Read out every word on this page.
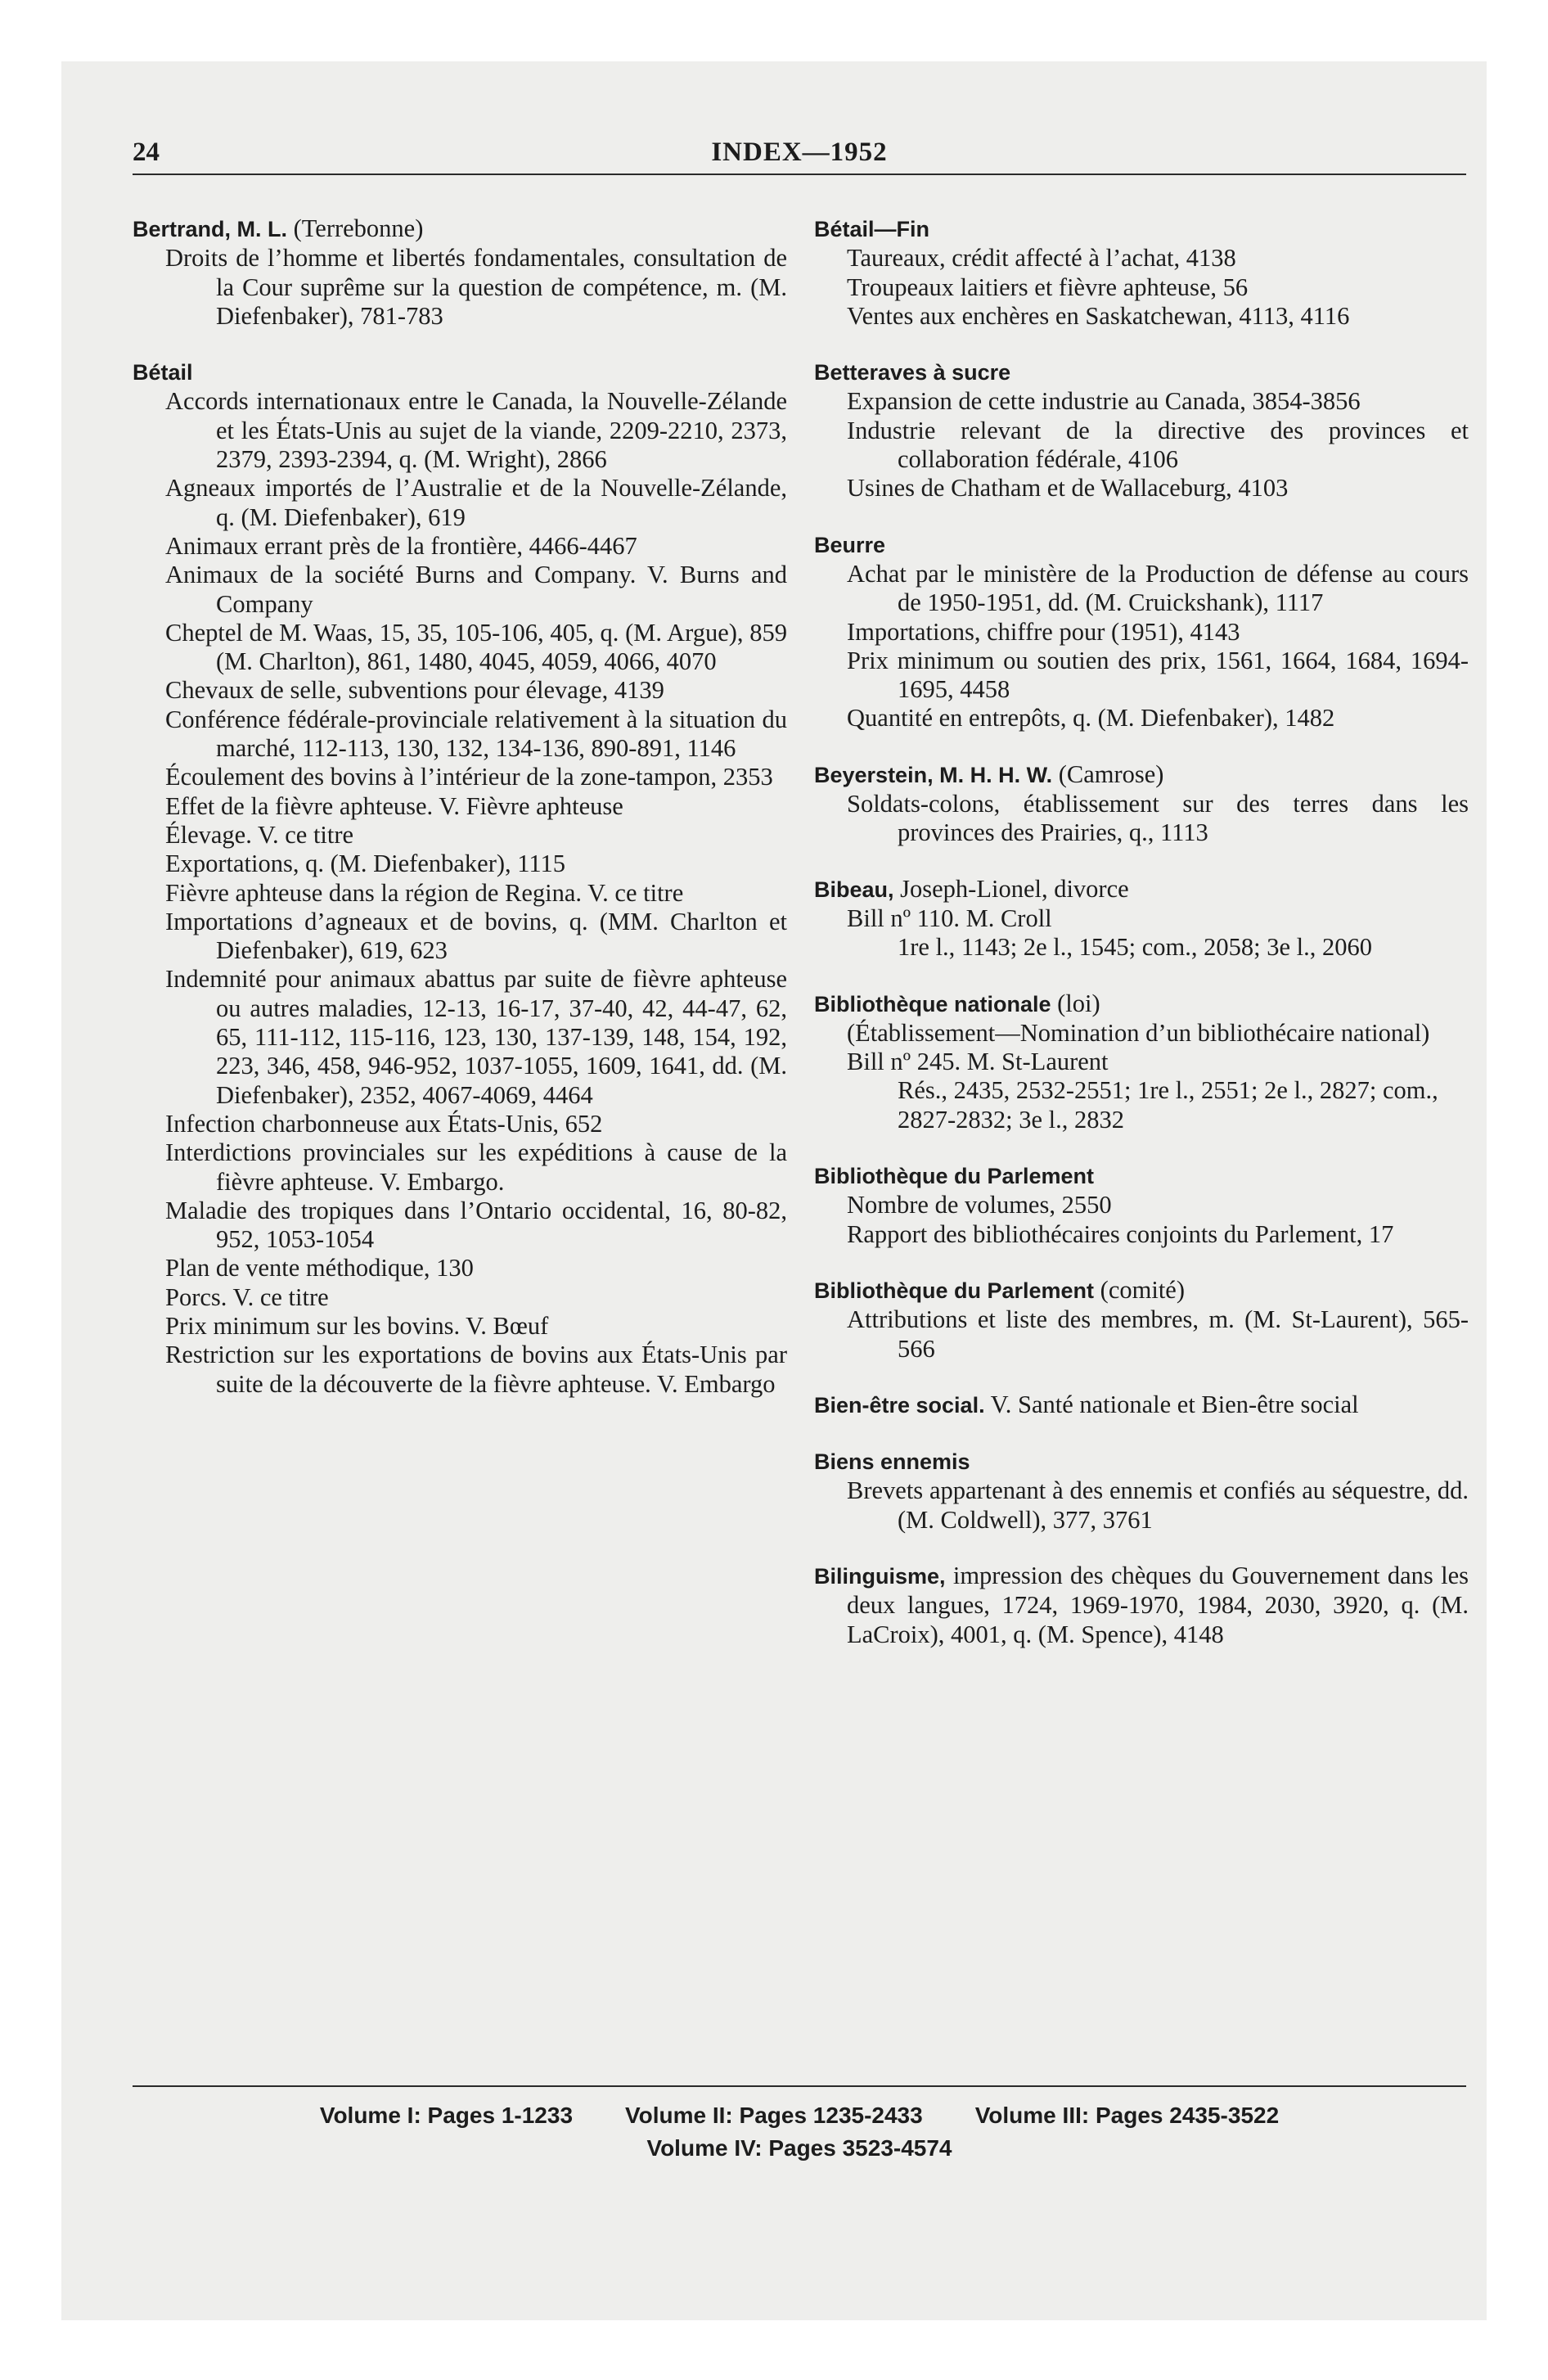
INDEX—1952
24
Bertrand, M. L. (Terrebonne)

Droits de l’homme et libertés fondamentales, consultation de la Cour suprême sur la question de compétence, m. (M. Diefenbaker), 781-783

Bétail

Accords internationaux entre le Canada, la Nouvelle-Zélande et les États-Unis au sujet de la viande, 2209-2210, 2373, 2379, 2393-2394, q. (M. Wright), 2866

Agneaux importés de l’Australie et de la Nouvelle-Zélande, q. (M. Diefenbaker), 619

Animaux errant près de la frontière, 4466-4467

Animaux de la société Burns and Company. V. Burns and Company

Cheptel de M. Waas, 15, 35, 105-106, 405, q. (M. Argue), 859 (M. Charlton), 861, 1480, 4045, 4059, 4066, 4070

Chevaux de selle, subventions pour élevage, 4139

Conférence fédérale-provinciale relativement à la situation du marché, 112-113, 130, 132, 134-136, 890-891, 1146

Écoulement des bovins à l’intérieur de la zone-tampon, 2353

Effet de la fièvre aphteuse. V. Fièvre aphteuse

Élevage. V. ce titre

Exportations, q. (M. Diefenbaker), 1115

Fièvre aphteuse dans la région de Regina. V. ce titre

Importations d’agneaux et de bovins, q. (MM. Charlton et Diefenbaker), 619, 623

Indemnité pour animaux abattus par suite de fièvre aphteuse ou autres maladies, 12-13, 16-17, 37-40, 42, 44-47, 62, 65, 111-112, 115-116, 123, 130, 137-139, 148, 154, 192, 223, 346, 458, 946-952, 1037-1055, 1609, 1641, dd. (M. Diefenbaker), 2352, 4067-4069, 4464

Infection charbonneuse aux États-Unis, 652

Interdictions provinciales sur les expéditions à cause de la fièvre aphteuse. V. Embargo.

Maladie des tropiques dans l’Ontario occidental, 16, 80-82, 952, 1053-1054

Plan de vente méthodique, 130

Porcs. V. ce titre

Prix minimum sur les bovins. V. Bœuf

Restriction sur les exportations de bovins aux États-Unis par suite de la découverte de la fièvre aphteuse. V. Embargo

Bétail—Fin

Taureaux, crédit affecté à l’achat, 4138

Troupeaux laitiers et fièvre aphteuse, 56

Ventes aux enchères en Saskatchewan, 4113, 4116

Betteraves à sucre

Expansion de cette industrie au Canada, 3854-3856

Industrie relevant de la directive des provinces et collaboration fédérale, 4106

Usines de Chatham et de Wallaceburg, 4103

Beurre

Achat par le ministère de la Production de défense au cours de 1950-1951, dd. (M. Cruickshank), 1117

Importations, chiffre pour (1951), 4143

Prix minimum ou soutien des prix, 1561, 1664, 1684, 1694-1695, 4458

Quantité en entrepôts, q. (M. Diefenbaker), 1482

Beyerstein, M. H. H. W. (Camrose)

Soldats-colons, établissement sur des terres dans les provinces des Prairies, q., 1113

Bibeau, Joseph-Lionel, divorce

Bill nº 110. M. Croll

1re l., 1143; 2e l., 1545; com., 2058; 3e l., 2060

Bibliothèque nationale (loi)

(Établissement—Nomination d’un bibliothécaire national)

Bill nº 245. M. St-Laurent

Rés., 2435, 2532-2551; 1re l., 2551; 2e l., 2827; com., 2827-2832; 3e l., 2832

Bibliothèque du Parlement

Nombre de volumes, 2550

Rapport des bibliothécaires conjoints du Parlement, 17

Bibliothèque du Parlement (comité)

Attributions et liste des membres, m. (M. St-Laurent), 565-566

Bien-être social. V. Santé nationale et Bien-être social
Biens ennemis

Brevets appartenant à des ennemis et confiés au séquestre, dd. (M. Coldwell), 377, 3761

Bilinguisme, impression des chèques du Gouvernement dans les deux langues, 1724, 1969-1970, 1984, 2030, 3920, q. (M. LaCroix), 4001, q. (M. Spence), 4148
Volume I: Pages 1-1233 Volume II: Pages 1235-2433 Volume III: Pages 2435-3522
Volume IV: Pages 3523-4574
